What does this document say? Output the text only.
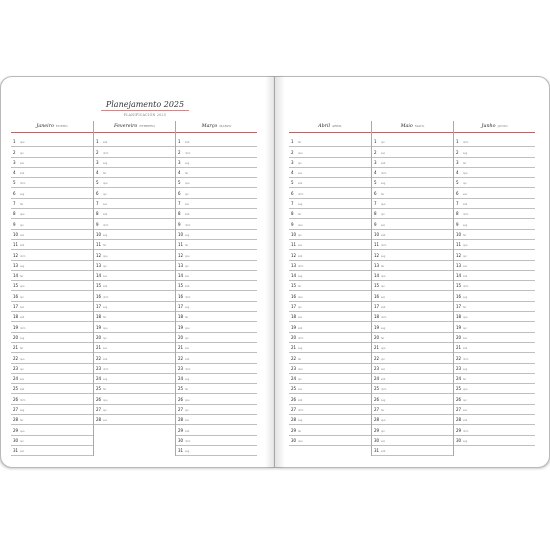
Planejamento 2025
PLANIFICACIÓN 2025
Janeiro ENERO
1 qua
2 qui
3 sex
4 sáb
5 dom
6 seg
7 ter
8 qua
9 qui
10 sex
11 sáb
12 dom
13 seg
14 ter
15 qua
16 qui
17 sex
18 sáb
19 dom
20 seg
21 ter
22 qua
23 qui
24 sex
25 sáb
26 dom
27 seg
28 ter
29 qua
30 qui
31 sex
Fevereiro FEBRERO
1 sáb
2 dom
3 seg
4 ter
5 qua
6 qui
7 sex
8 sáb
9 dom
10 seg
11 ter
12 qua
13 qui
14 sex
15 sáb
16 dom
17 seg
18 ter
19 qua
20 qui
21 sex
22 sáb
23 dom
24 seg
25 ter
26 qua
27 qui
28 sex
Março MARZO
1 sáb
2 dom
3 seg
4 ter
5 qua
6 qui
7 sex
8 sáb
9 dom
10 seg
11 ter
12 qua
13 qui
14 sex
15 sáb
16 dom
17 seg
18 ter
19 qua
20 qui
21 sex
22 sáb
23 dom
24 seg
25 ter
26 qua
27 qui
28 sex
29 sáb
30 dom
31 seg
Abril ABRIL
1 ter
2 qua
3 qui
4 sex
5 sáb
6 dom
7 seg
8 ter
9 qua
10 qui
11 sex
12 sáb
13 dom
14 seg
15 ter
16 qua
17 qui
18 sex
19 sáb
20 dom
21 seg
22 ter
23 qua
24 qui
25 sex
26 sáb
27 dom
28 seg
29 ter
30 qua
Maio MAYO
1 qui
2 sex
3 sáb
4 dom
5 seg
6 ter
7 qua
8 qui
9 sex
10 sáb
11 dom
12 seg
13 ter
14 qua
15 qui
16 sex
17 sáb
18 dom
19 seg
20 ter
21 qua
22 qui
23 sex
24 sáb
25 dom
26 seg
27 ter
28 qua
29 qui
30 sex
31 sáb
Junho JUNIO
1 dom
2 seg
3 ter
4 qua
5 qui
6 sex
7 sáb
8 dom
9 seg
10 ter
11 qua
12 qui
13 sex
14 sáb
15 dom
16 seg
17 ter
18 qua
19 qui
20 sex
21 sáb
22 dom
23 seg
24 ter
25 qua
26 qui
27 sex
28 sáb
29 dom
30 seg
